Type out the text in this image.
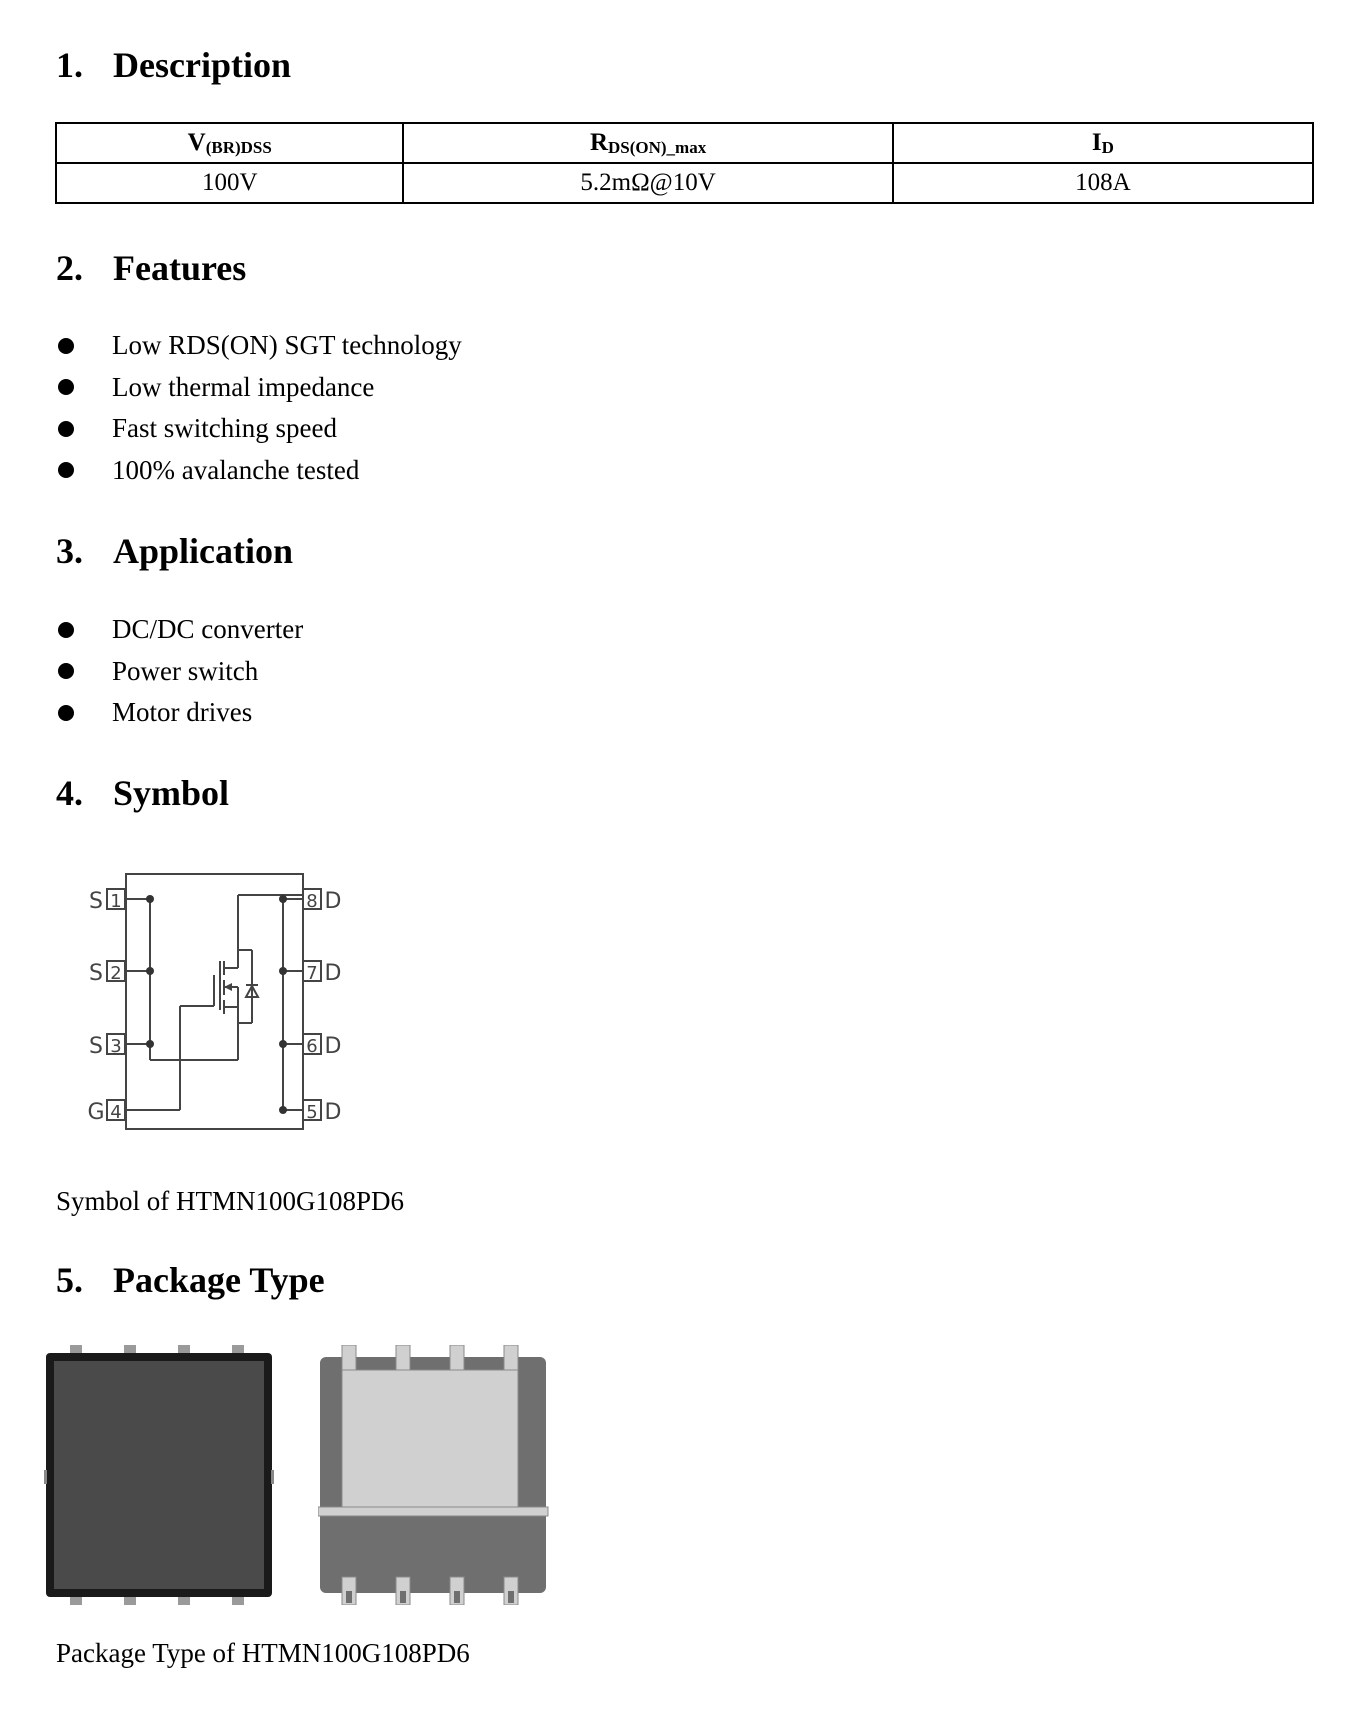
1. Description
$V_{(BR)DSS}$	$R_{DS(ON)\_max}$	$I_D$
100V	5.2mΩ@10V	108A
2. Features
Low RDS(ON) SGT technology
Low thermal impedance
Fast switching speed
100% avalanche tested
3. Application
DC/DC converter
Power switch
Motor drives
4. Symbol
S 1
S 2
S 3
G 4
8 D
7 D
6 D
5 D
Symbol of HTMN100G108PD6
5. Package Type
Package Type of HTMN100G108PD6
